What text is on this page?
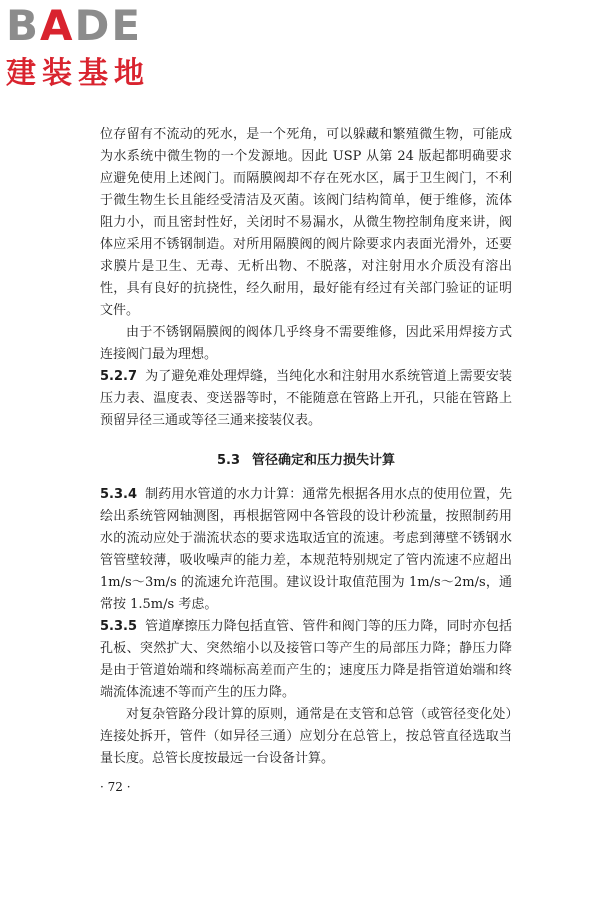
BADE
建装基地

位存留有不流动的死水，是一个死角，可以躲藏和繁殖微生物，可能成为水系统中微生物的一个发源地。因此 USP 从第 24 版起都明确要求应避免使用上述阀门。而隔膜阀却不存在死水区，属于卫生阀门，不利于微生物生长且能经受清洁及灭菌。该阀门结构简单，便于维修，流体阻力小，而且密封性好，关闭时不易漏水，从微生物控制角度来讲，阀体应采用不锈钢制造。对所用隔膜阀的阀片除要求内表面光滑外，还要求膜片是卫生、无毒、无析出物、不脱落，对注射用水介质没有溶出性，具有良好的抗挠性，经久耐用，最好能有经过有关部门验证的证明文件。

由于不锈钢隔膜阀的阀体几乎终身不需要维修，因此采用焊接方式连接阀门最为理想。

5.2.7 为了避免难处理焊缝，当纯化水和注射用水系统管道上需要安装压力表、温度表、变送器等时，不能随意在管路上开孔，只能在管路上预留异径三通或等径三通来接装仪表。

5.3 管径确定和压力损失计算

5.3.4 制药用水管道的水力计算：通常先根据各用水点的使用位置，先绘出系统管网轴测图，再根据管网中各管段的设计秒流量，按照制药用水的流动应处于湍流状态的要求选取适宜的流速。考虑到薄壁不锈钢水管管壁较薄，吸收噪声的能力差，本规范特别规定了管内流速不应超出 1m/s～3m/s 的流速允许范围。建议设计取值范围为 1m/s～2m/s，通常按 1.5m/s 考虑。

5.3.5 管道摩擦压力降包括直管、管件和阀门等的压力降，同时亦包括孔板、突然扩大、突然缩小以及接管口等产生的局部压力降；静压力降是由于管道始端和终端标高差而产生的；速度压力降是指管道始端和终端流体流速不等而产生的压力降。

对复杂管路分段计算的原则，通常是在支管和总管（或管径变化处）连接处拆开，管件（如异径三通）应划分在总管上，按总管直径选取当量长度。总管长度按最远一台设备计算。

· 72 ·
